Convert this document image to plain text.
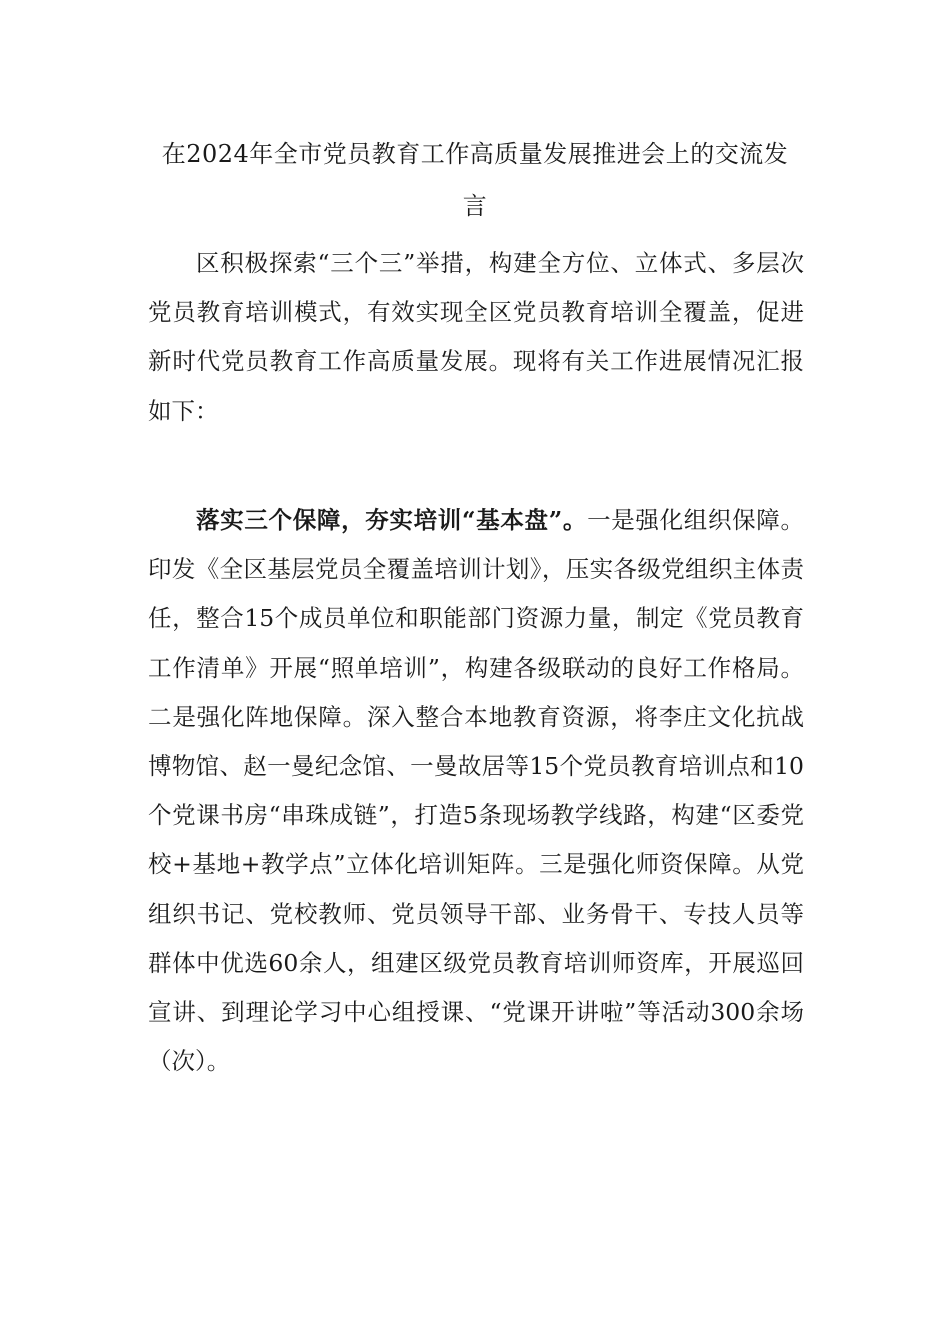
在2024年全市党员教育工作高质量发展推进会上的交流发言

区积极探索“三个三”举措，构建全方位、立体式、多层次党员教育培训模式，有效实现全区党员教育培训全覆盖，促进新时代党员教育工作高质量发展。现将有关工作进展情况汇报如下：

落实三个保障，夯实培训“基本盘”。一是强化组织保障。印发《全区基层党员全覆盖培训计划》，压实各级党组织主体责任，整合15个成员单位和职能部门资源力量，制定《党员教育工作清单》开展“照单培训”，构建各级联动的良好工作格局。二是强化阵地保障。深入整合本地教育资源，将李庄文化抗战博物馆、赵一曼纪念馆、一曼故居等15个党员教育培训点和10个党课书房“串珠成链”，打造5条现场教学线路，构建“区委党校+基地+教学点”立体化培训矩阵。三是强化师资保障。从党组织书记、党校教师、党员领导干部、业务骨干、专技人员等群体中优选60余人，组建区级党员教育培训师资库，开展巡回宣讲、到理论学习中心组授课、“党课开讲啦”等活动300余场（次）。
